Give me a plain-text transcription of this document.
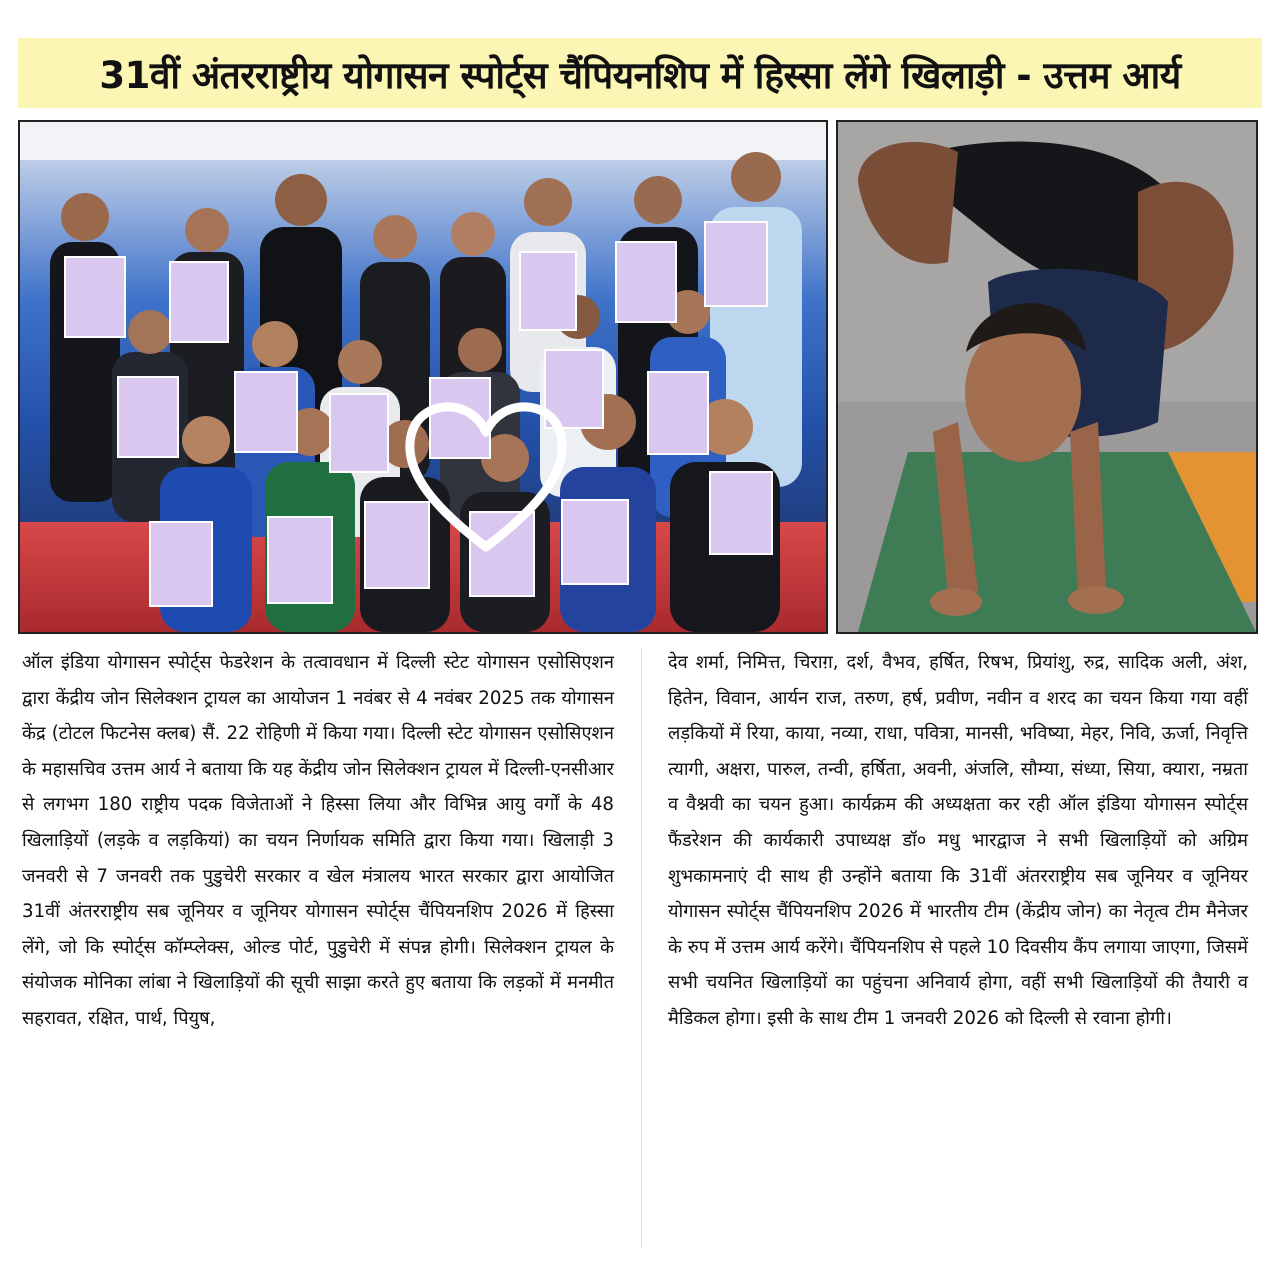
31वीं अंतरराष्ट्रीय योगासन स्पोर्ट्स चैंपियनशिप में हिस्सा लेंगे खिलाड़ी - उत्तम आर्य
ऑल इंडिया योगासन स्पोर्ट्स फेडरेशन के तत्वावधान में दिल्ली स्टेट योगासन एसोसिएशन द्वारा केंद्रीय जोन सिलेक्शन ट्रायल का आयोजन 1 नवंबर से 4 नवंबर 2025 तक योगासन केंद्र (टोटल फिटनेस क्लब) सैं. 22 रोहिणी में किया गया। दिल्ली स्टेट योगासन एसोसिएशन के महासचिव उत्तम आर्य ने बताया कि यह केंद्रीय जोन सिलेक्शन ट्रायल में दिल्ली-एनसीआर से लगभग 180 राष्ट्रीय पदक विजेताओं ने हिस्सा लिया और विभिन्न आयु वर्गों के 48 खिलाड़ियों (लड़के व लड़कियां) का चयन निर्णायक समिति द्वारा किया गया। खिलाड़ी 3 जनवरी से 7 जनवरी तक पुडुचेरी सरकार व खेल मंत्रालय भारत सरकार द्वारा आयोजित 31वीं अंतरराष्ट्रीय सब जूनियर व जूनियर योगासन स्पोर्ट्स चैंपियनशिप 2026 में हिस्सा लेंगे, जो कि स्पोर्ट्स कॉम्प्लेक्स, ओल्ड पोर्ट, पुडुचेरी में संपन्न होगी। सिलेक्शन ट्रायल के संयोजक मोनिका लांबा ने खिलाड़ियों की सूची साझा करते हुए बताया कि लड़कों में मनमीत सहरावत, रक्षित, पार्थ, पियुष,
देव शर्मा, निमित्त, चिराग़, दर्श, वैभव, हर्षित, रिषभ, प्रियांशु, रुद्र, सादिक अली, अंश, हितेन, विवान, आर्यन राज, तरुण, हर्ष, प्रवीण, नवीन व शरद का चयन किया गया वहीं लड़कियों में रिया, काया, नव्या, राधा, पवित्रा, मानसी, भविष्या, मेहर, निवि, ऊर्जा, निवृत्ति त्यागी, अक्षरा, पारुल, तन्वी, हर्षिता, अवनी, अंजलि, सौम्या, संध्या, सिया, क्यारा, नम्रता व वैश्नवी का चयन हुआ। कार्यक्रम की अध्यक्षता कर रही ऑल इंडिया योगासन स्पोर्ट्स फैंडरेशन की कार्यकारी उपाध्यक्ष डॉ० मधु भारद्वाज ने सभी खिलाड़ियों को अग्रिम शुभकामनाएं दी साथ ही उन्होंने बताया कि 31वीं अंतरराष्ट्रीय सब जूनियर व जूनियर योगासन स्पोर्ट्स चैंपियनशिप 2026 में भारतीय टीम (केंद्रीय जोन) का नेतृत्व टीम मैनेजर के रुप में उत्तम आर्य करेंगे। चैंपियनशिप से पहले 10 दिवसीय कैंप लगाया जाएगा, जिसमें सभी चयनित खिलाड़ियों का पहुंचना अनिवार्य होगा, वहीं सभी खिलाड़ियों की तैयारी व मैडिकल होगा। इसी के साथ टीम 1 जनवरी 2026 को दिल्ली से रवाना होगी।
